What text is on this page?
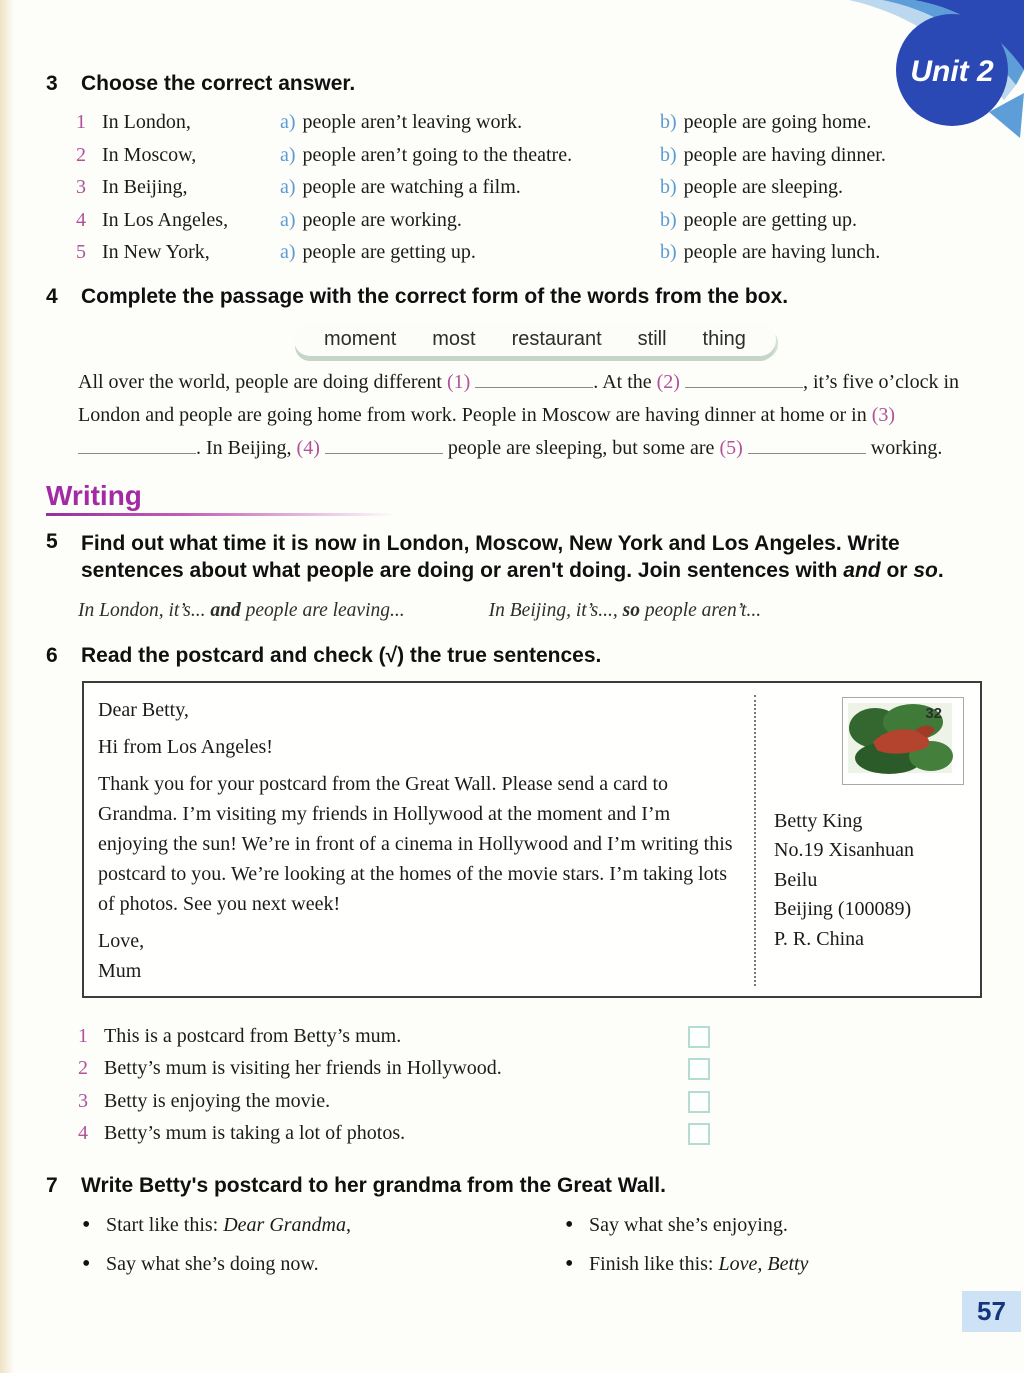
Unit 2
3	Choose the correct answer.
1 In London,	a) people aren’t leaving work.	b) people are going home.
2 In Moscow,	a) people aren’t going to the theatre.	b) people are having dinner.
3 In Beijing,	a) people are watching a film.	b) people are sleeping.
4 In Los Angeles,	a) people are working.	b) people are getting up.
5 In New York,	a) people are getting up.	b) people are having lunch.
4	Complete the passage with the correct form of the words from the box.
moment most restaurant still thing

All over the world, people are doing different (1)	. At the (2)	, it’s five o’clock in London and people are going home from work. People in Moscow are having dinner at home or in (3) . In Beijing, (4)	people are sleeping, but some are (5)	working.

Writing
5	Find out what time it is now in London, Moscow, New York and Los Angeles. Write sentences about what people are doing or aren't doing. Join sentences with and or so.
In London, it’s... and people are leaving...	In Beijing, it’s..., so people aren’t...
6	Read the postcard and check (√) the true sentences.

Dear Betty,

Hi from Los Angeles!

Thank you for your postcard from the Great Wall. Please send a card to Grandma. I’m visiting my friends in Hollywood at the moment and I’m enjoying the sun! We’re in front of a cinema in Hollywood and I’m writing this postcard to you. We’re looking at the homes of the movie stars. I’m taking lots of photos. See you next week!

Love,

Mum

32

Betty King

No.19 Xisanhuan

Beilu

Beijing (100089)

P. R. China

1 This is a postcard from Betty’s mum.
2 Betty’s mum is visiting her friends in Hollywood.
3 Betty is enjoying the movie.
4 Betty’s mum is taking a lot of photos.
7	Write Betty's postcard to her grandma from the Great Wall.
•
Start like this: Dear Grandma,
•
Say what she’s doing now.
•
Say what she’s enjoying.
•
Finish like this: Love, Betty
57
